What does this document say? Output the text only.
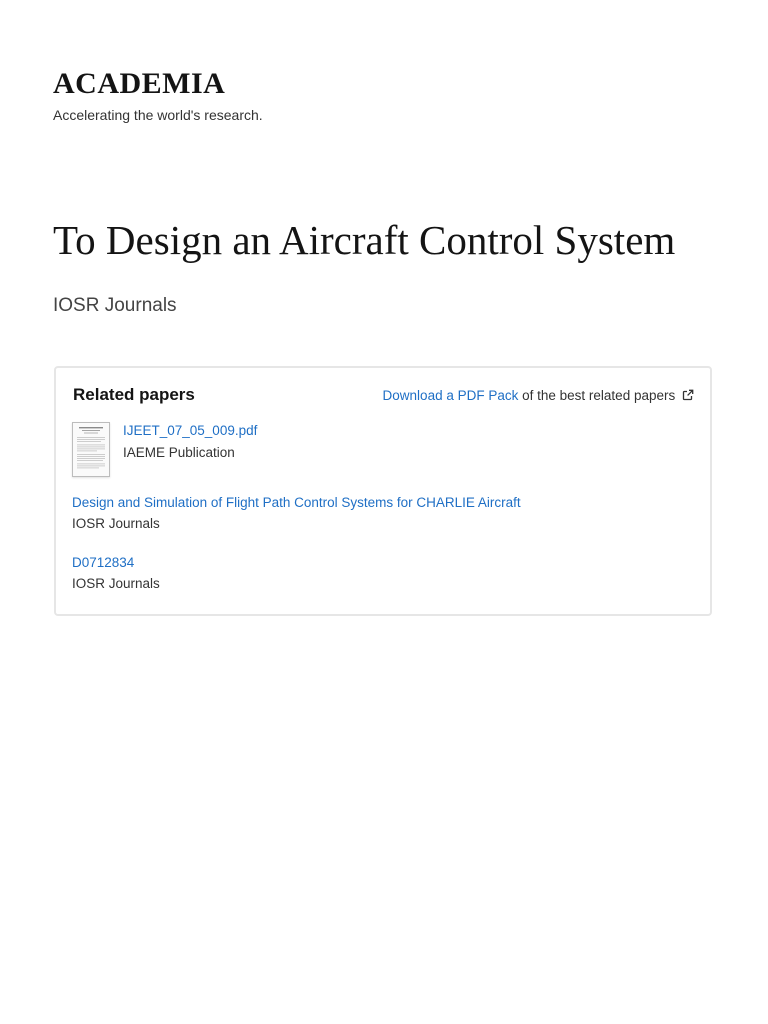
ACADEMIA
Accelerating the world's research.
To Design an Aircraft Control System
IOSR Journals
Related papers	Download a PDF Pack of the best related papers
IJEET_07_05_009.pdf
IAEME Publication
Design and Simulation of Flight Path Control Systems for CHARLIE Aircraft
IOSR Journals
D0712834
IOSR Journals
